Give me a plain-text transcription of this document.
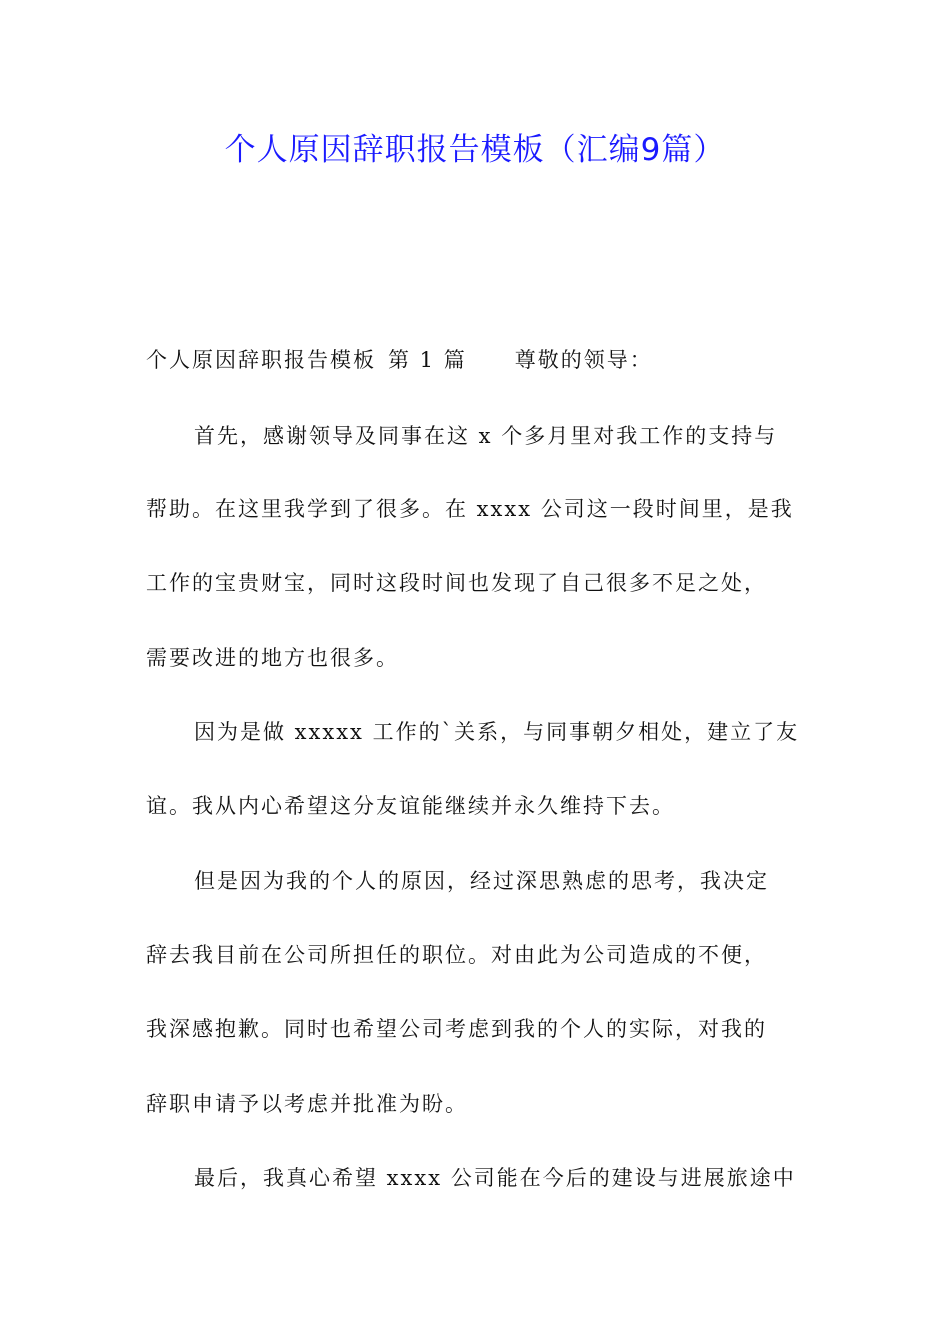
个人原因辞职报告模板（汇编9篇）
个人原因辞职报告模板 第 1 篇 尊敬的领导：
首先，感谢领导及同事在这 x 个多月里对我工作的支持与
帮助。在这里我学到了很多。在 xxxx 公司这一段时间里，是我
工作的宝贵财宝，同时这段时间也发现了自己很多不足之处，
需要改进的地方也很多。
因为是做 xxxxx 工作的`关系，与同事朝夕相处，建立了友
谊。我从内心希望这分友谊能继续并永久维持下去。
但是因为我的个人的原因，经过深思熟虑的思考，我决定
辞去我目前在公司所担任的职位。对由此为公司造成的不便，
我深感抱歉。同时也希望公司考虑到我的个人的实际，对我的
辞职申请予以考虑并批准为盼。
最后，我真心希望 xxxx 公司能在今后的建设与进展旅途中
